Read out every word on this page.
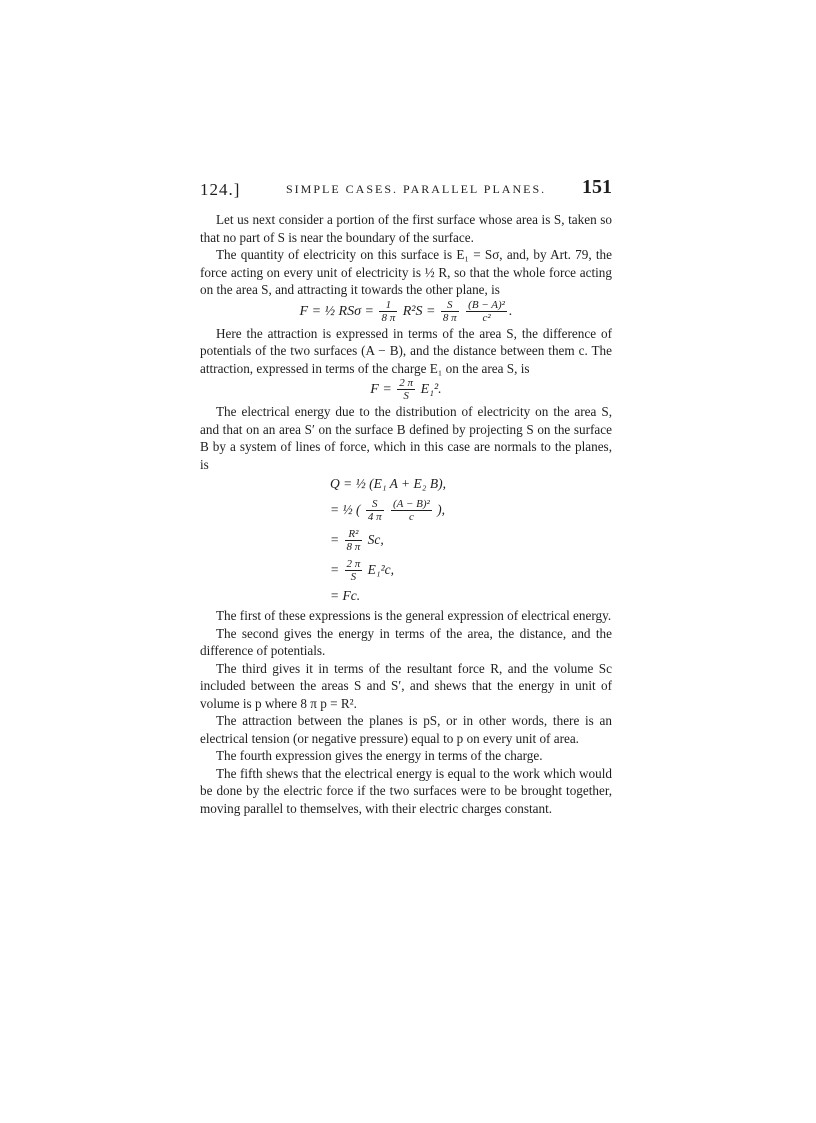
124.]	SIMPLE CASES. PARALLEL PLANES. 151

Let us next consider a portion of the first surface whose area is S, taken so that no part of S is near the boundary of the surface.

The quantity of electricity on this surface is E₁ = Sσ, and, by Art. 79, the force acting on every unit of electricity is ½ R, so that the whole force acting on the area S, and attracting it towards the other plane, is

F = ½ $RS\sigma = \frac{1}{8 \pi} R^2S = \frac{S}{8 \pi}$
$\frac{\text{(B − A)²}}{\text{c²}}$ .

Here the attraction is expressed in terms of the area S, the difference of potentials of the two surfaces (A − B), and the distance between them c. The attraction, expressed in terms of the charge E₁ on the area S, is

$F = \frac{2 \pi}{S} E_1^2$.

The electrical energy due to the distribution of electricity on the area S, and that on an area S′ on the surface B defined by projecting S on the surface B by a system of lines of force, which in this case are normals to the planes, is

Q = ½ (E₁ A + E₂ B),
= ½ ( $\frac{S}{4 \pi}$
$\frac{\text{(A − B)²}}{c}$ ),
= $\frac{\text{R²}}{8 \pi} Sc$,
= $\frac{2 \pi}{S} E_1^2c$,
= Fc.

The first of these expressions is the general expression of electrical energy.

The second gives the energy in terms of the area, the distance, and the difference of potentials.

The third gives it in terms of the resultant force R, and the volume Sc included between the areas S and S′, and shews that the energy in unit of volume is p where 8 π p = R².

The attraction between the planes is pS, or in other words, there is an electrical tension (or negative pressure) equal to p on every unit of area.

The fourth expression gives the energy in terms of the charge.

The fifth shews that the electrical energy is equal to the work which would be done by the electric force if the two surfaces were to be brought together, moving parallel to themselves, with their electric charges constant.
